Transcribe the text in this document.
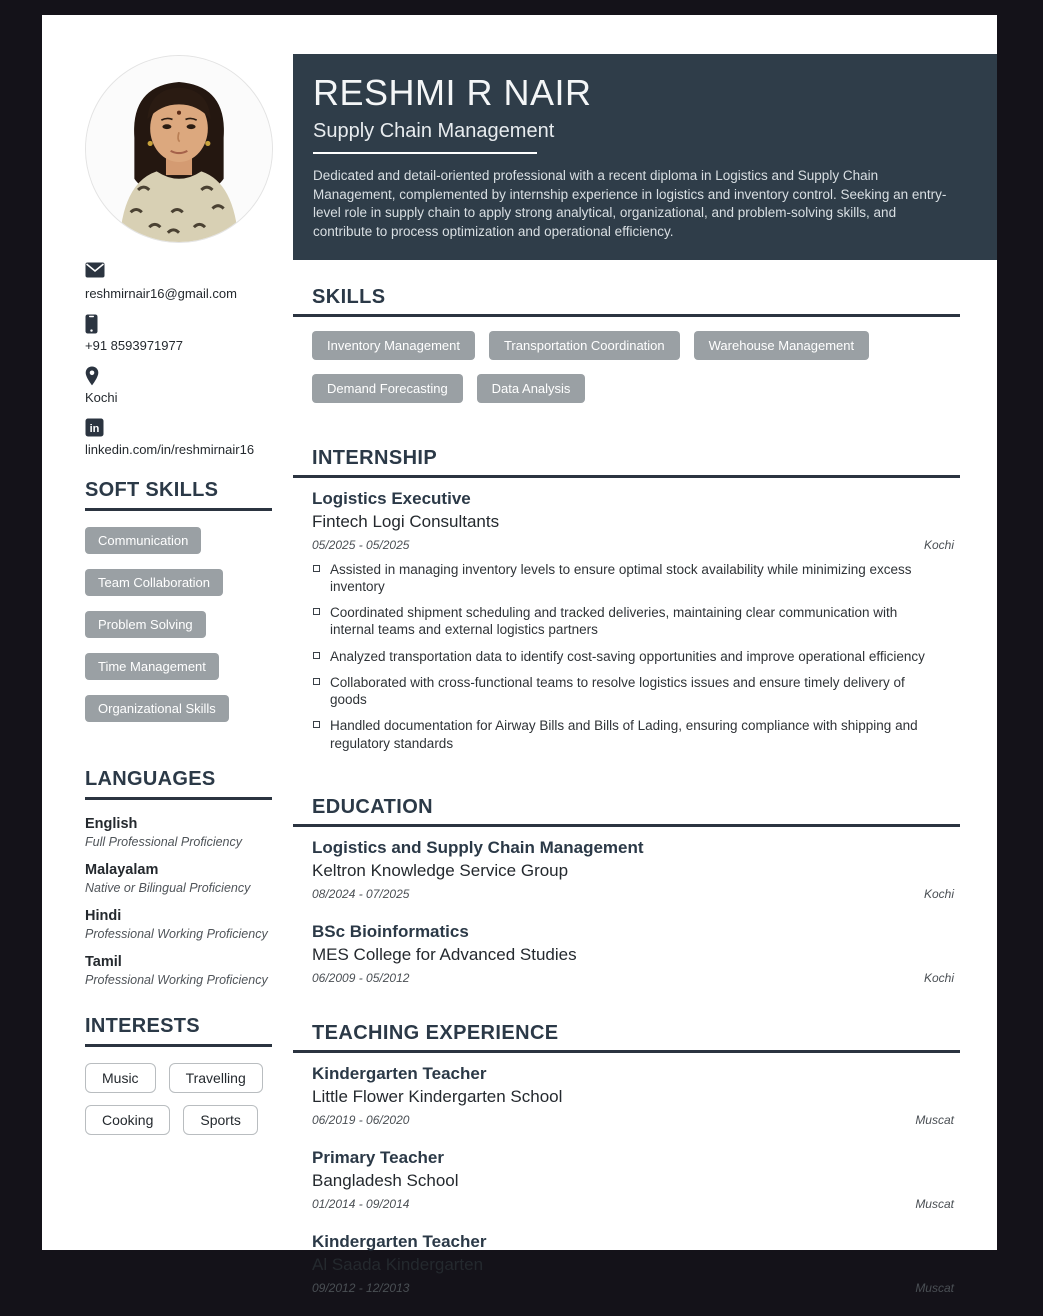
reshmirnair16@gmail.com
+91 8593971977
Kochi
in
linkedin.com/in/reshmirnair16
SOFT SKILLS
Communication
Team Collaboration
Problem Solving
Time Management
Organizational Skills
LANGUAGES
English
Full Professional Proficiency
Malayalam
Native or Bilingual Proficiency
Hindi
Professional Working Proficiency
Tamil
Professional Working Proficiency
INTERESTS
Music	Travelling
Cooking	Sports
RESHMI R NAIR
Supply Chain Management
Dedicated and detail-oriented professional with a recent diploma in Logistics and Supply Chain Management, complemented by internship experience in logistics and inventory control. Seeking an entry-level role in supply chain to apply strong analytical, organizational, and problem-solving skills, and contribute to process optimization and operational efficiency.
SKILLS
Inventory Management	Transportation Coordination	Warehouse Management
Demand Forecasting	Data Analysis
INTERNSHIP
Logistics Executive
Fintech Logi Consultants
05/2025 - 05/2025	Kochi
Assisted in managing inventory levels to ensure optimal stock availability while minimizing excess inventory
Coordinated shipment scheduling and tracked deliveries, maintaining clear communication with internal teams and external logistics partners
Analyzed transportation data to identify cost-saving opportunities and improve operational efficiency
Collaborated with cross-functional teams to resolve logistics issues and ensure timely delivery of goods
Handled documentation for Airway Bills and Bills of Lading, ensuring compliance with shipping and regulatory standards
EDUCATION
Logistics and Supply Chain Management
Keltron Knowledge Service Group
08/2024 - 07/2025	Kochi
BSc Bioinformatics
MES College for Advanced Studies
06/2009 - 05/2012	Kochi
TEACHING EXPERIENCE
Kindergarten Teacher
Little Flower Kindergarten School
06/2019 - 06/2020	Muscat
Primary Teacher
Bangladesh School
01/2014 - 09/2014	Muscat
Kindergarten Teacher
Al Saada Kindergarten
09/2012 - 12/2013	Muscat
